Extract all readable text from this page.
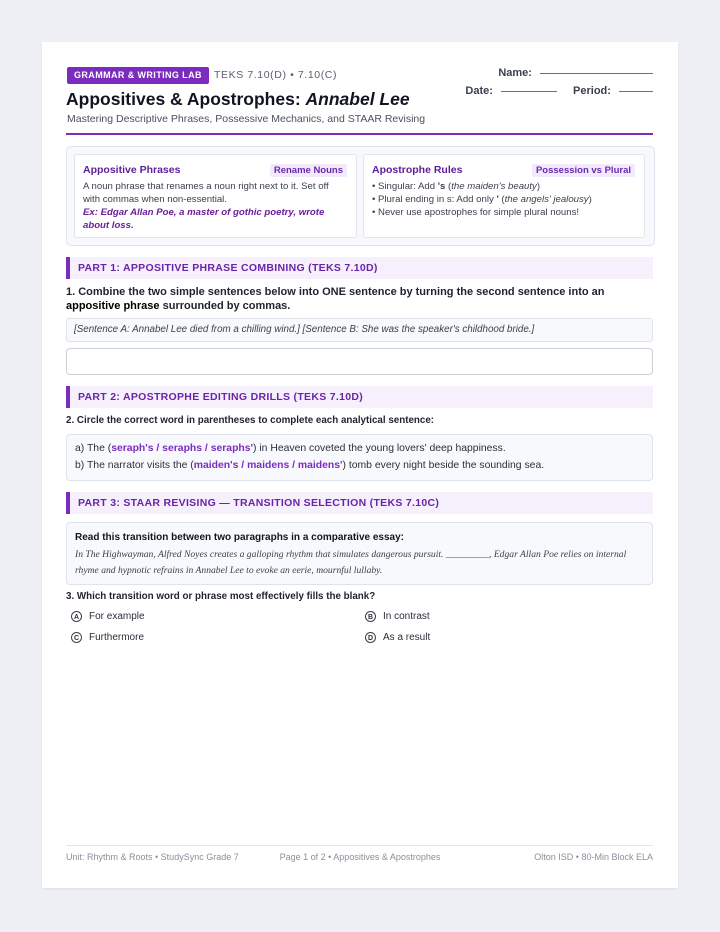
GRAMMAR & WRITING LAB	TEKS 7.10(D) • 7.10(C)
Appositives & Apostrophes: Annabel Lee
Mastering Descriptive Phrases, Possessive Mechanics, and STAAR Revising
Name:
Date:	Period:
Appositive Phrases	Rename Nouns
A noun phrase that renames a noun right next to it. Set off with commas when non-essential.
Ex: Edgar Allan Poe, a master of gothic poetry, wrote about loss.
Apostrophe Rules	Possession vs Plural
• Singular: Add 's (the maiden's beauty)
• Plural ending in s: Add only ' (the angels' jealousy)
• Never use apostrophes for simple plural nouns!
PART 1: APPOSITIVE PHRASE COMBINING (TEKS 7.10D)
1. Combine the two simple sentences below into ONE sentence by turning the second sentence into an appositive phrase surrounded by commas.
[Sentence A: Annabel Lee died from a chilling wind.] [Sentence B: She was the speaker's childhood bride.]
PART 2: APOSTROPHE EDITING DRILLS (TEKS 7.10D)
2. Circle the correct word in parentheses to complete each analytical sentence:
a) The (seraph's / seraphs / seraphs') in Heaven coveted the young lovers' deep happiness.
b) The narrator visits the (maiden's / maidens / maidens') tomb every night beside the sounding sea.
PART 3: STAAR REVISING — TRANSITION SELECTION (TEKS 7.10C)
Read this transition between two paragraphs in a comparative essay:
In The Highwayman, Alfred Noyes creates a galloping rhythm that simulates dangerous pursuit. _________, Edgar Allan Poe relies on internal rhyme and hypnotic refrains in Annabel Lee to evoke an eerie, mournful lullaby.
3. Which transition word or phrase most effectively fills the blank?
A For example	B In contrast
C Furthermore	D As a result
Unit: Rhythm & Roots • StudySync Grade 7	Page 1 of 2 • Appositives & Apostrophes	Olton ISD • 80-Min Block ELA
